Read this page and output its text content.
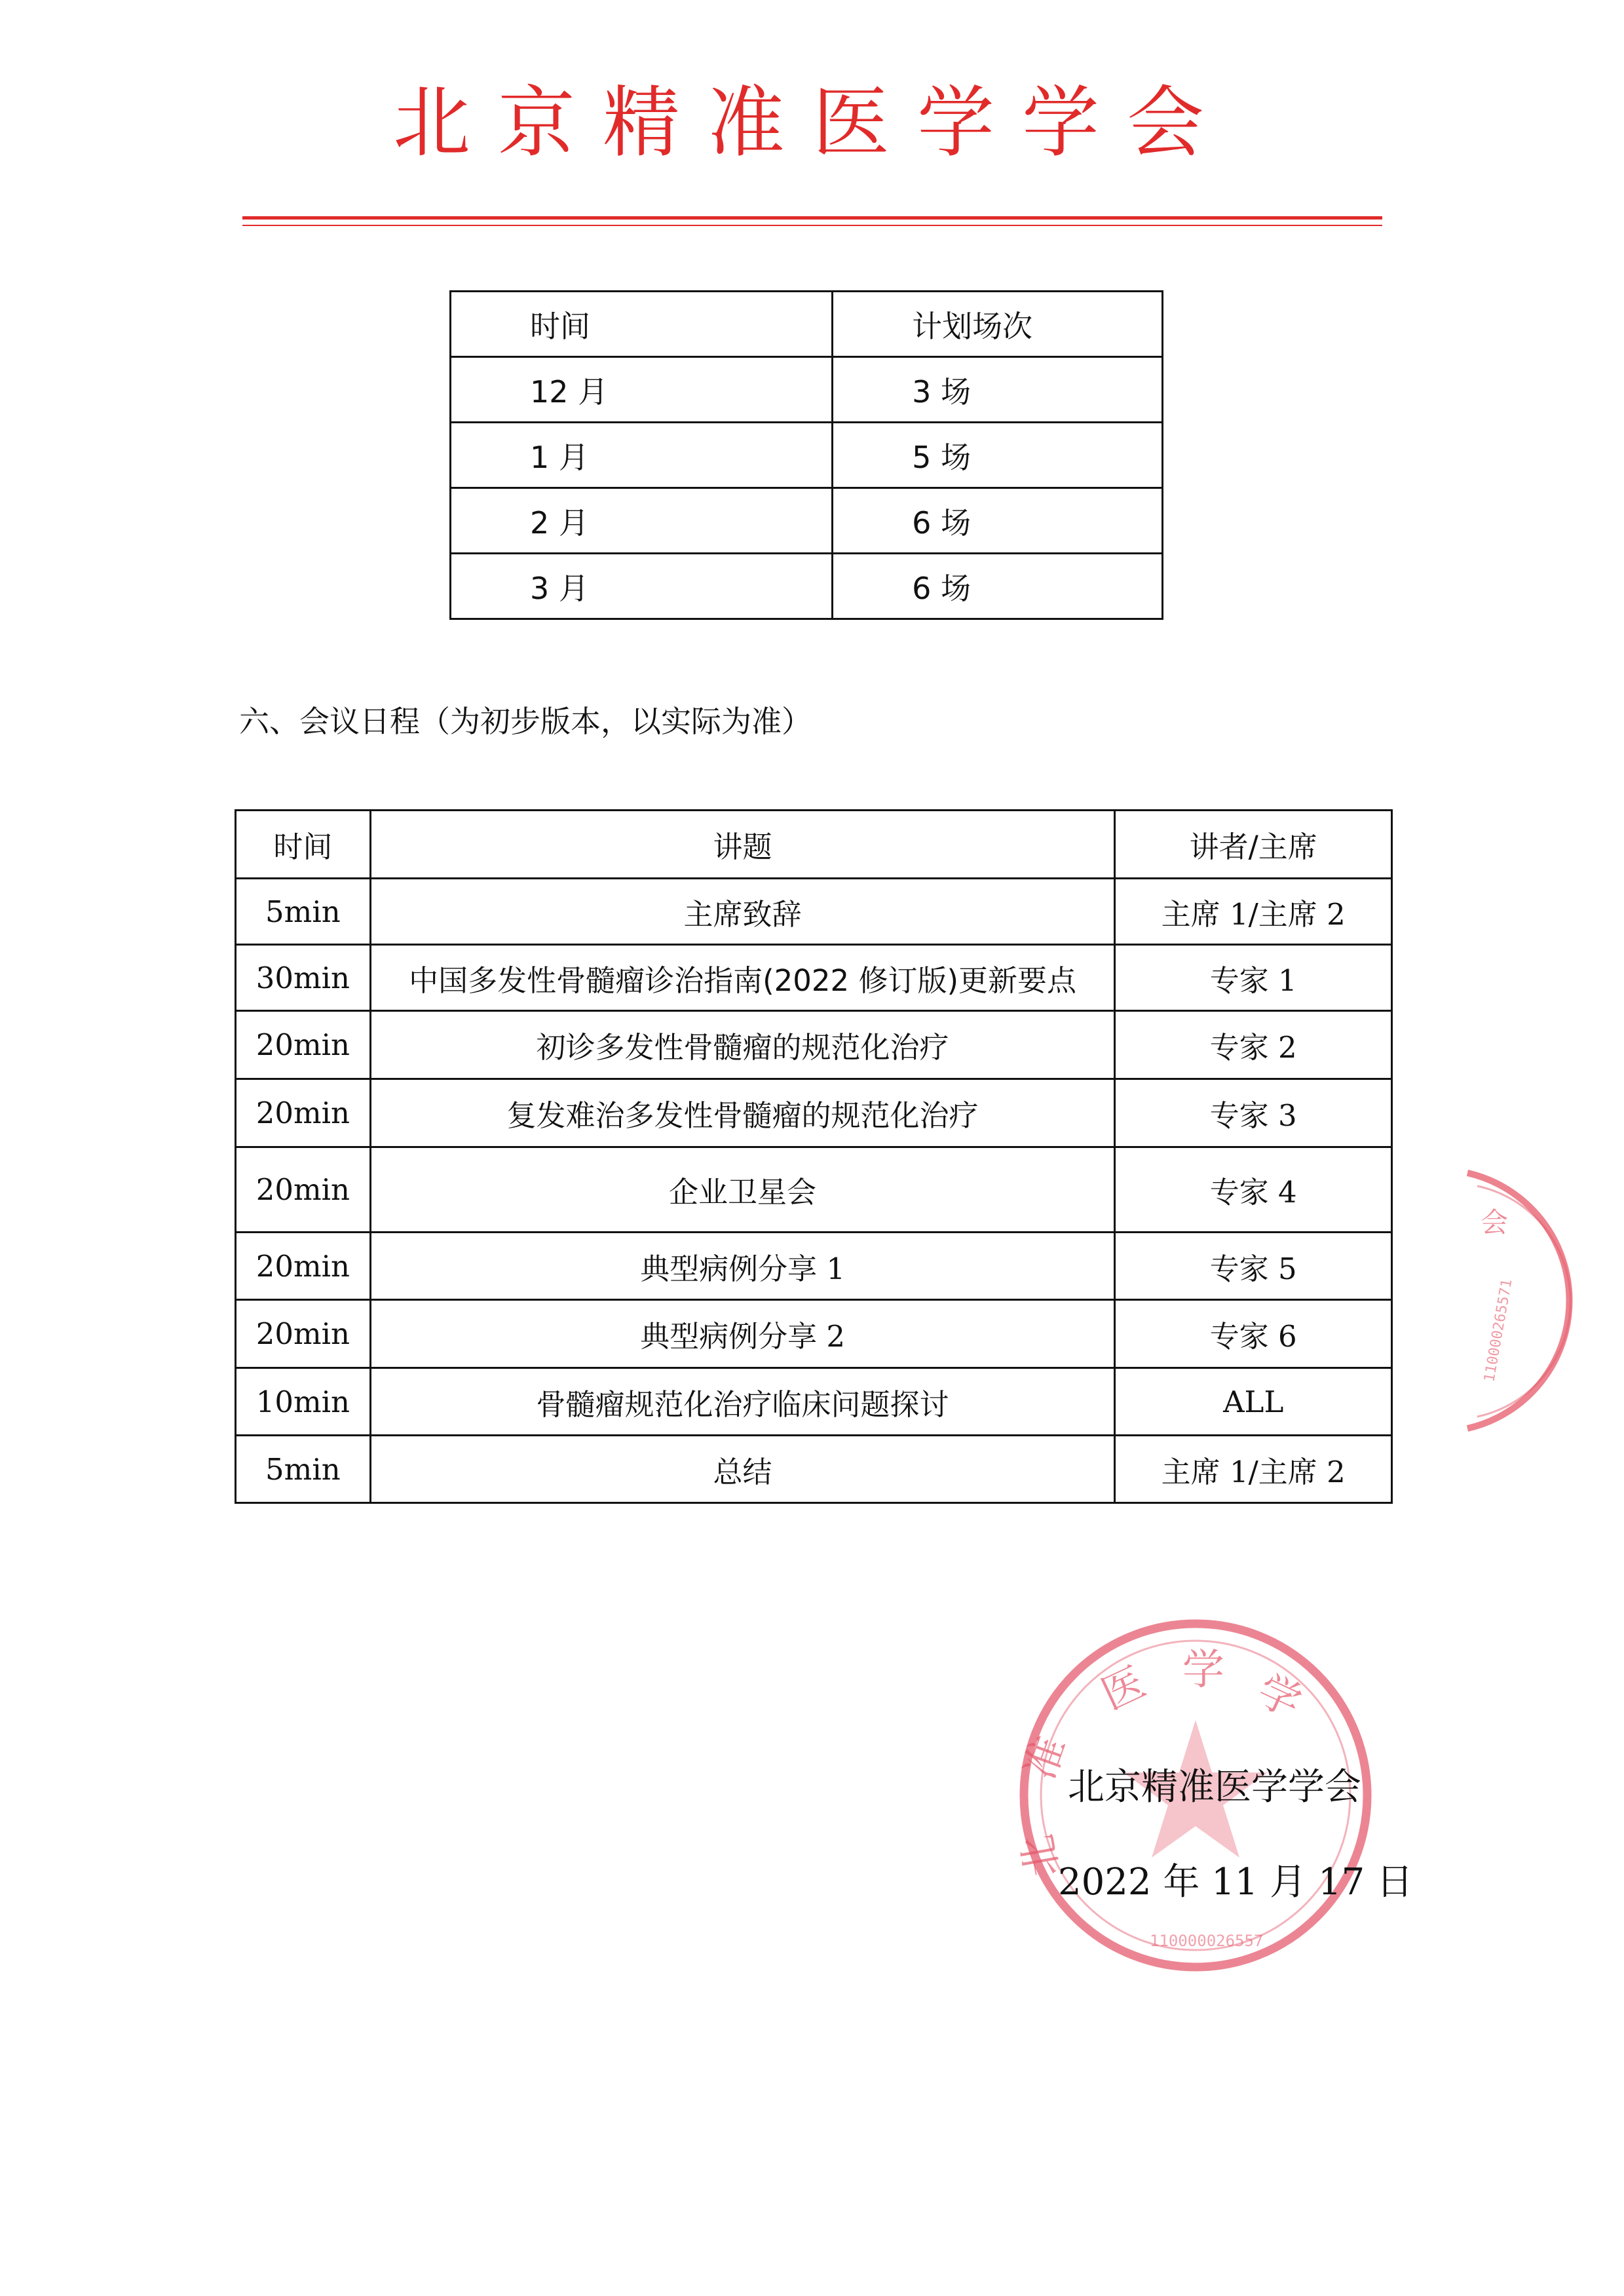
北京精准医学学会
时间	计划场次
12 月	3 场
1 月	5 场
2 月	6 场
3 月	6 场
六、会议日程（为初步版本，以实际为准）
时间	讲题	讲者/主席
5min	主席致辞	主席 1/主席 2
30min	中国多发性骨髓瘤诊治指南(2022 修订版)更新要点	专家 1
20min	初诊多发性骨髓瘤的规范化治疗	专家 2
20min	复发难治多发性骨髓瘤的规范化治疗	专家 3
20min	企业卫星会	专家 4
20min	典型病例分享 1	专家 5
20min	典型病例分享 2	专家 6
10min	骨髓瘤规范化治疗临床问题探讨	ALL
5min	总结	主席 1/主席 2
会
110000265571
医 学 学
准
北
110000026557
北京精准医学学会
2022 年 11 月 17 日
